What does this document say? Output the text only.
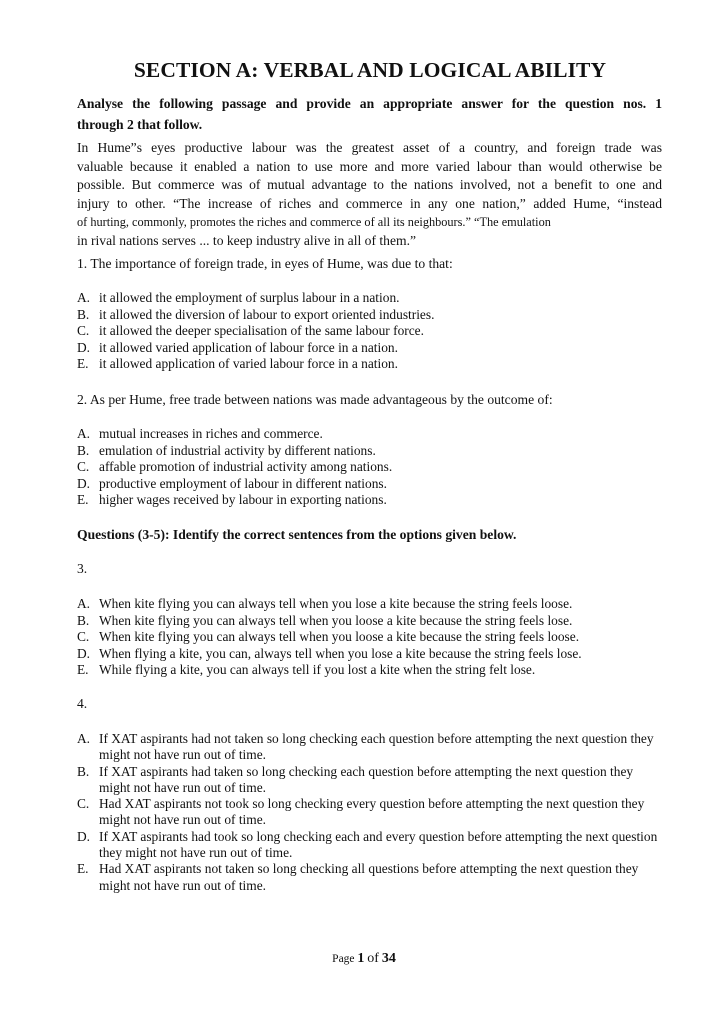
SECTION A: VERBAL AND LOGICAL ABILITY
Analyse the following passage and provide an appropriate answer for the question nos. 1
through 2 that follow.
In Hume”s eyes productive labour was the greatest asset of a country, and foreign trade was
valuable because it enabled a nation to use more and more varied labour than would otherwise be
possible. But commerce was of mutual advantage to the nations involved, not a benefit to one and
injury to other. “The increase of riches and commerce in any one nation,” added Hume, “instead
of hurting, commonly, promotes the riches and commerce of all its neighbours.” “The emulation
in rival nations serves ... to keep industry alive in all of them.”
1. The importance of foreign trade, in eyes of Hume, was due to that:
A. it allowed the employment of surplus labour in a nation.
B. it allowed the diversion of labour to export oriented industries.
C. it allowed the deeper specialisation of the same labour force.
D. it allowed varied application of labour force in a nation.
E. it allowed application of varied labour force in a nation.
2. As per Hume, free trade between nations was made advantageous by the outcome of:
A. mutual increases in riches and commerce.
B. emulation of industrial activity by different nations.
C. affable promotion of industrial activity among nations.
D. productive employment of labour in different nations.
E. higher wages received by labour in exporting nations.
Questions (3-5): Identify the correct sentences from the options given below.
3.
A. When kite flying you can always tell when you lose a kite because the string feels loose.
B. When kite flying you can always tell when you loose a kite because the string feels lose.
C. When kite flying you can always tell when you loose a kite because the string feels loose.
D. When flying a kite, you can, always tell when you lose a kite because the string feels lose.
E. While flying a kite, you can always tell if you lost a kite when the string felt lose.
4.
A. If XAT aspirants had not taken so long checking each question before attempting the next question they might not have run out of time.
B. If XAT aspirants had taken so long checking each question before attempting the next question they might not have run out of time.
C. Had XAT aspirants not took so long checking every question before attempting the next question they might not have run out of time.
D. If XAT aspirants had took so long checking each and every question before attempting the next question they might not have run out of time.
E. Had XAT aspirants not taken so long checking all questions before attempting the next question they might not have run out of time.
Page 1 of 34
